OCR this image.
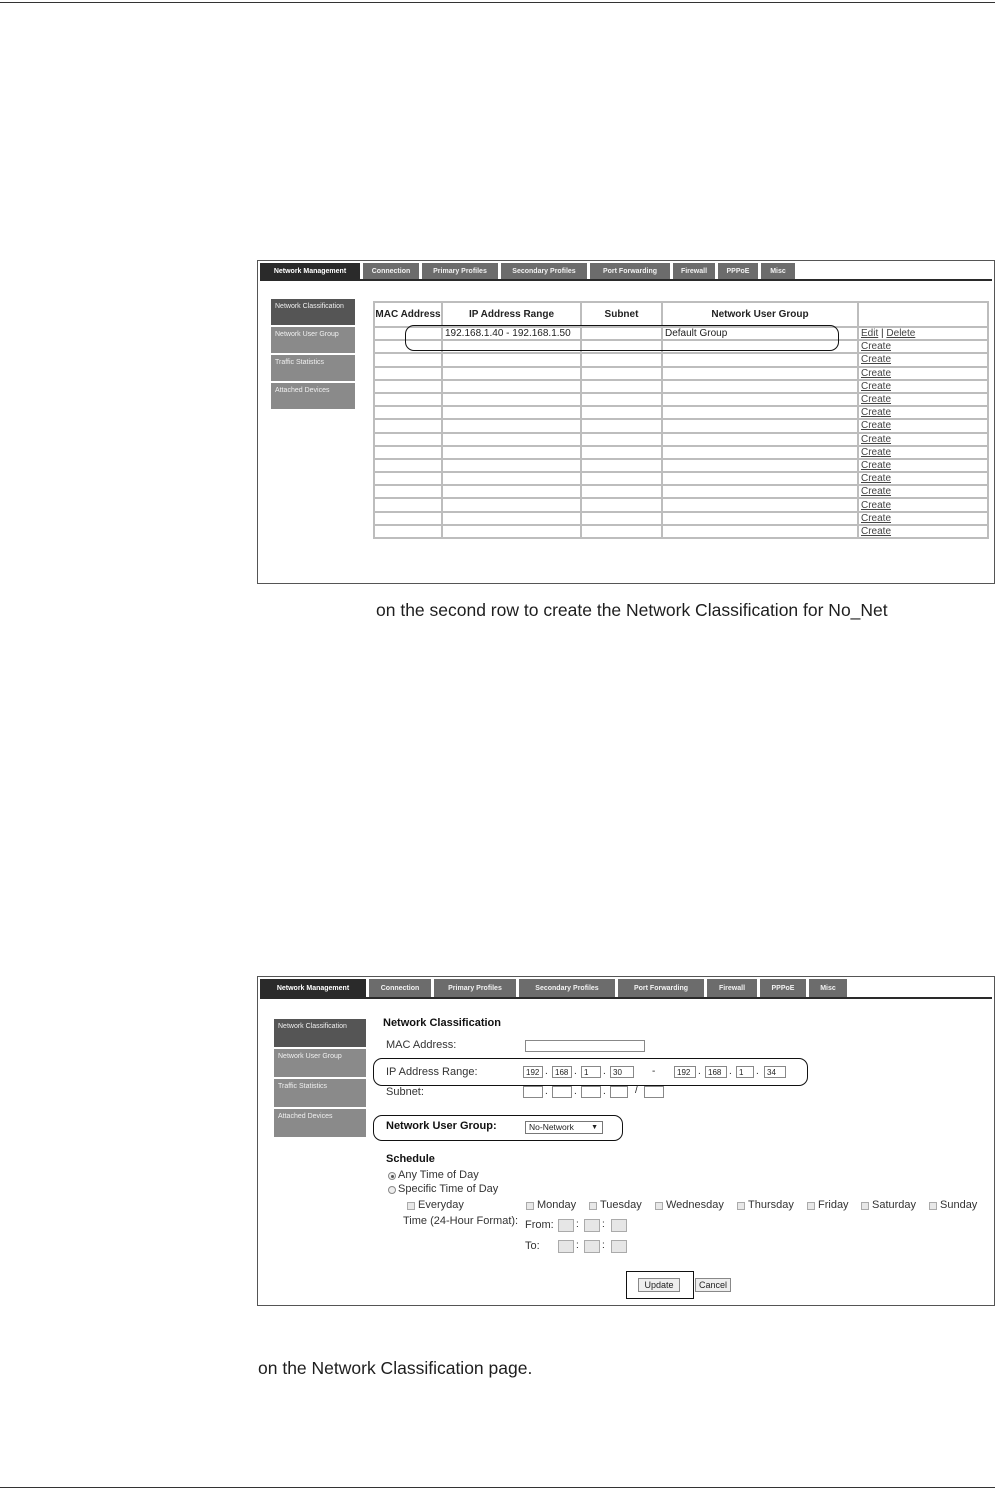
Network Management	Connection	Primary Profiles	Secondary Profiles	Port Forwarding	Firewall	PPPoE	Misc
Network Classification
Network User Group
Traffic Statistics
Attached Devices
MAC Address	IP Address Range	Subnet	Network User Group	
	192.168.1.40 - 192.168.1.50		Default Group	Edit | Delete
				Create
				Create
				Create
				Create
				Create
				Create
				Create
				Create
				Create
				Create
				Create
				Create
				Create
				Create
				Create
on the second row to create the Network Classification for No_Net
Network Management	Connection	Primary Profiles	Secondary Profiles	Port Forwarding	Firewall	PPPoE	Misc
Network Classification
Network User Group
Traffic Statistics
Attached Devices
Network Classification
MAC Address:
IP Address Range:	192 . 168 . 1	. 30	-	192 . 168 . 1	.	34
Subnet:	.	.	.	/
Network User Group:	No-Network ▼
Schedule
Any Time of Day
Specific Time of Day
Everyday	Monday Tuesday Wednesday Thursday Friday Saturday Sunday
Time (24-Hour Format): From: : :
To:	: :
Update	Cancel
on the Network Classification page.
